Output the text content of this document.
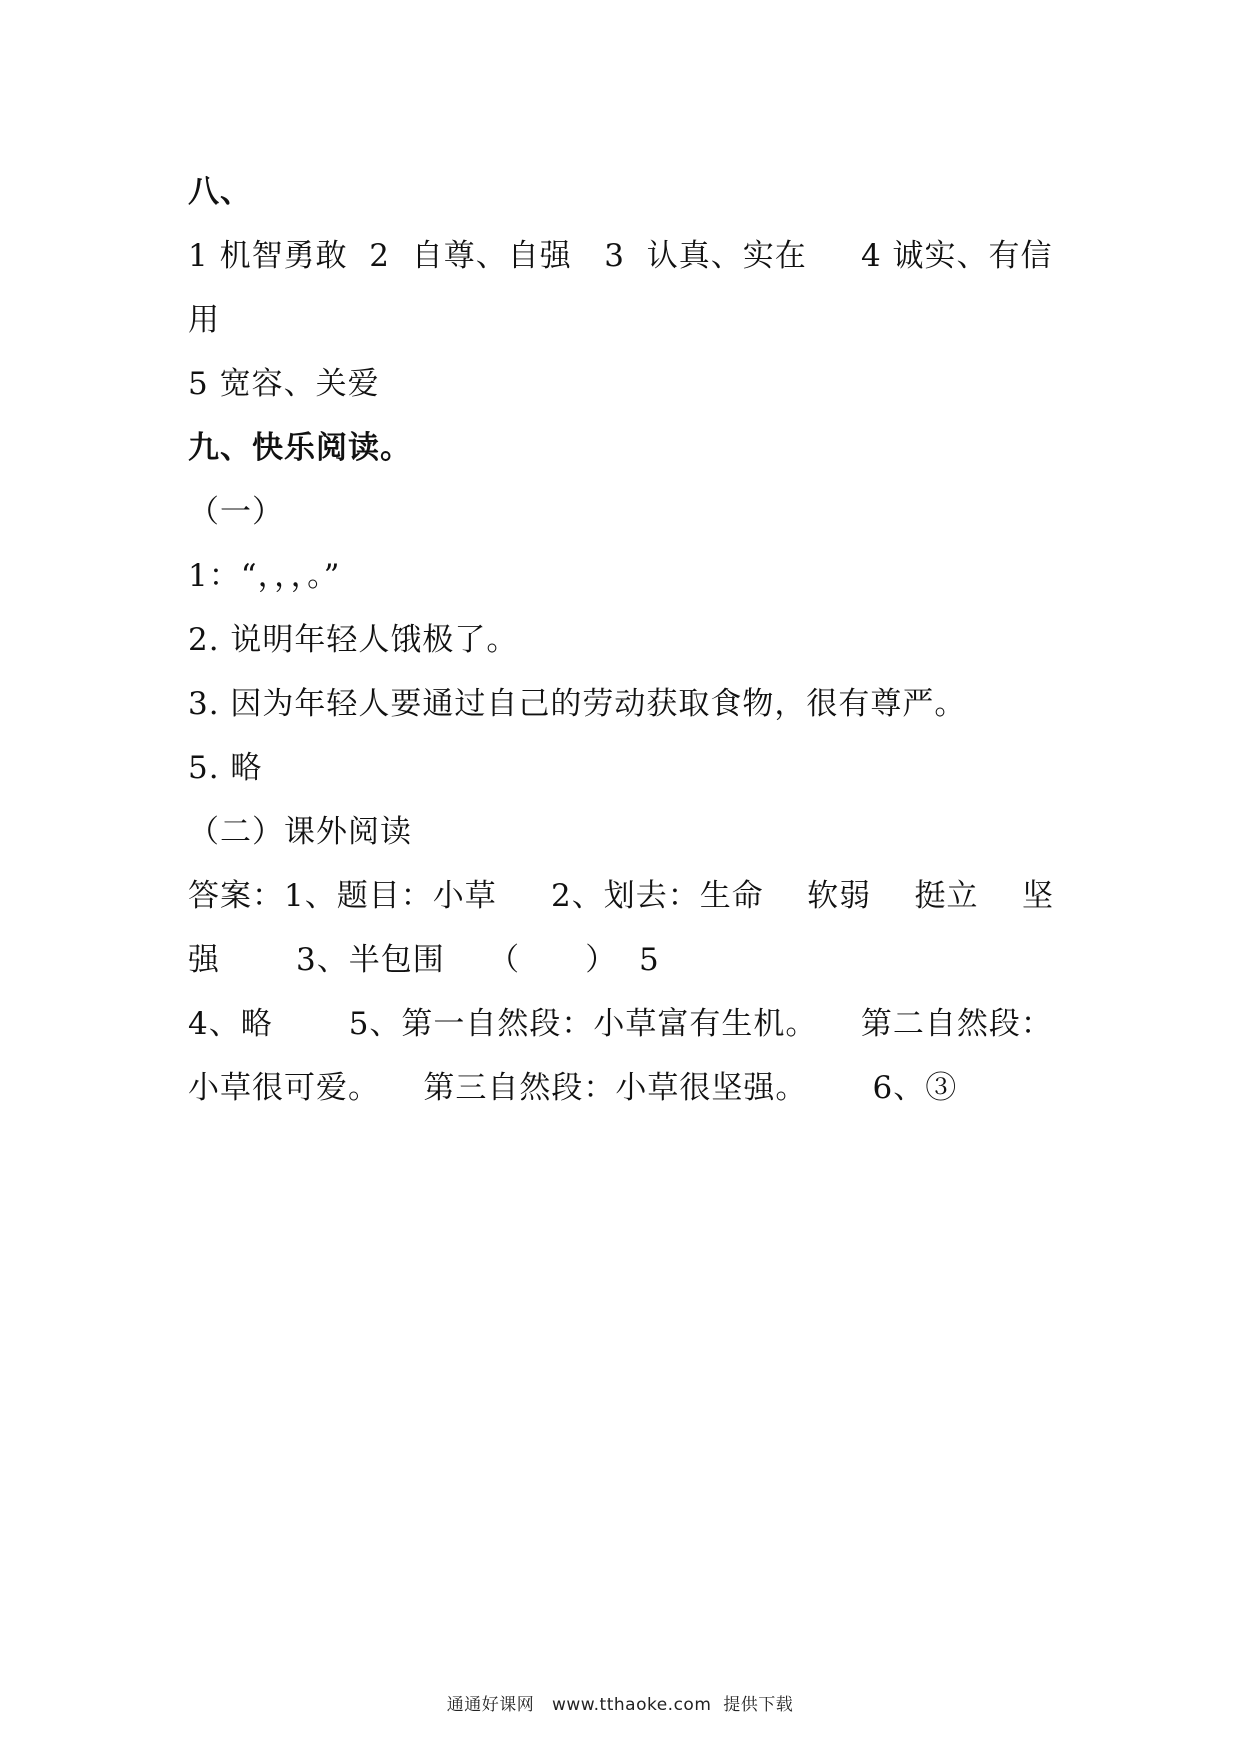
八、
1 机智勇敢  2  自尊、自强   3  认真、实在     4 诚实、有信
用
5 宽容、关爱
九、快乐阅读。
（一）
1：“，，，。”
2. 说明年轻人饿极了。
3. 因为年轻人要通过自己的劳动获取食物，很有尊严。
5. 略
（二）课外阅读
答案：1、题目：小草     2、划去：生命    软弱    挺立    坚
强       3、半包围    （      ）  5
4、略       5、第一自然段：小草富有生机。    第二自然段：
小草很可爱。    第三自然段：小草很坚强。      6、③
通通好课网   www.tthaoke.com  提供下载
